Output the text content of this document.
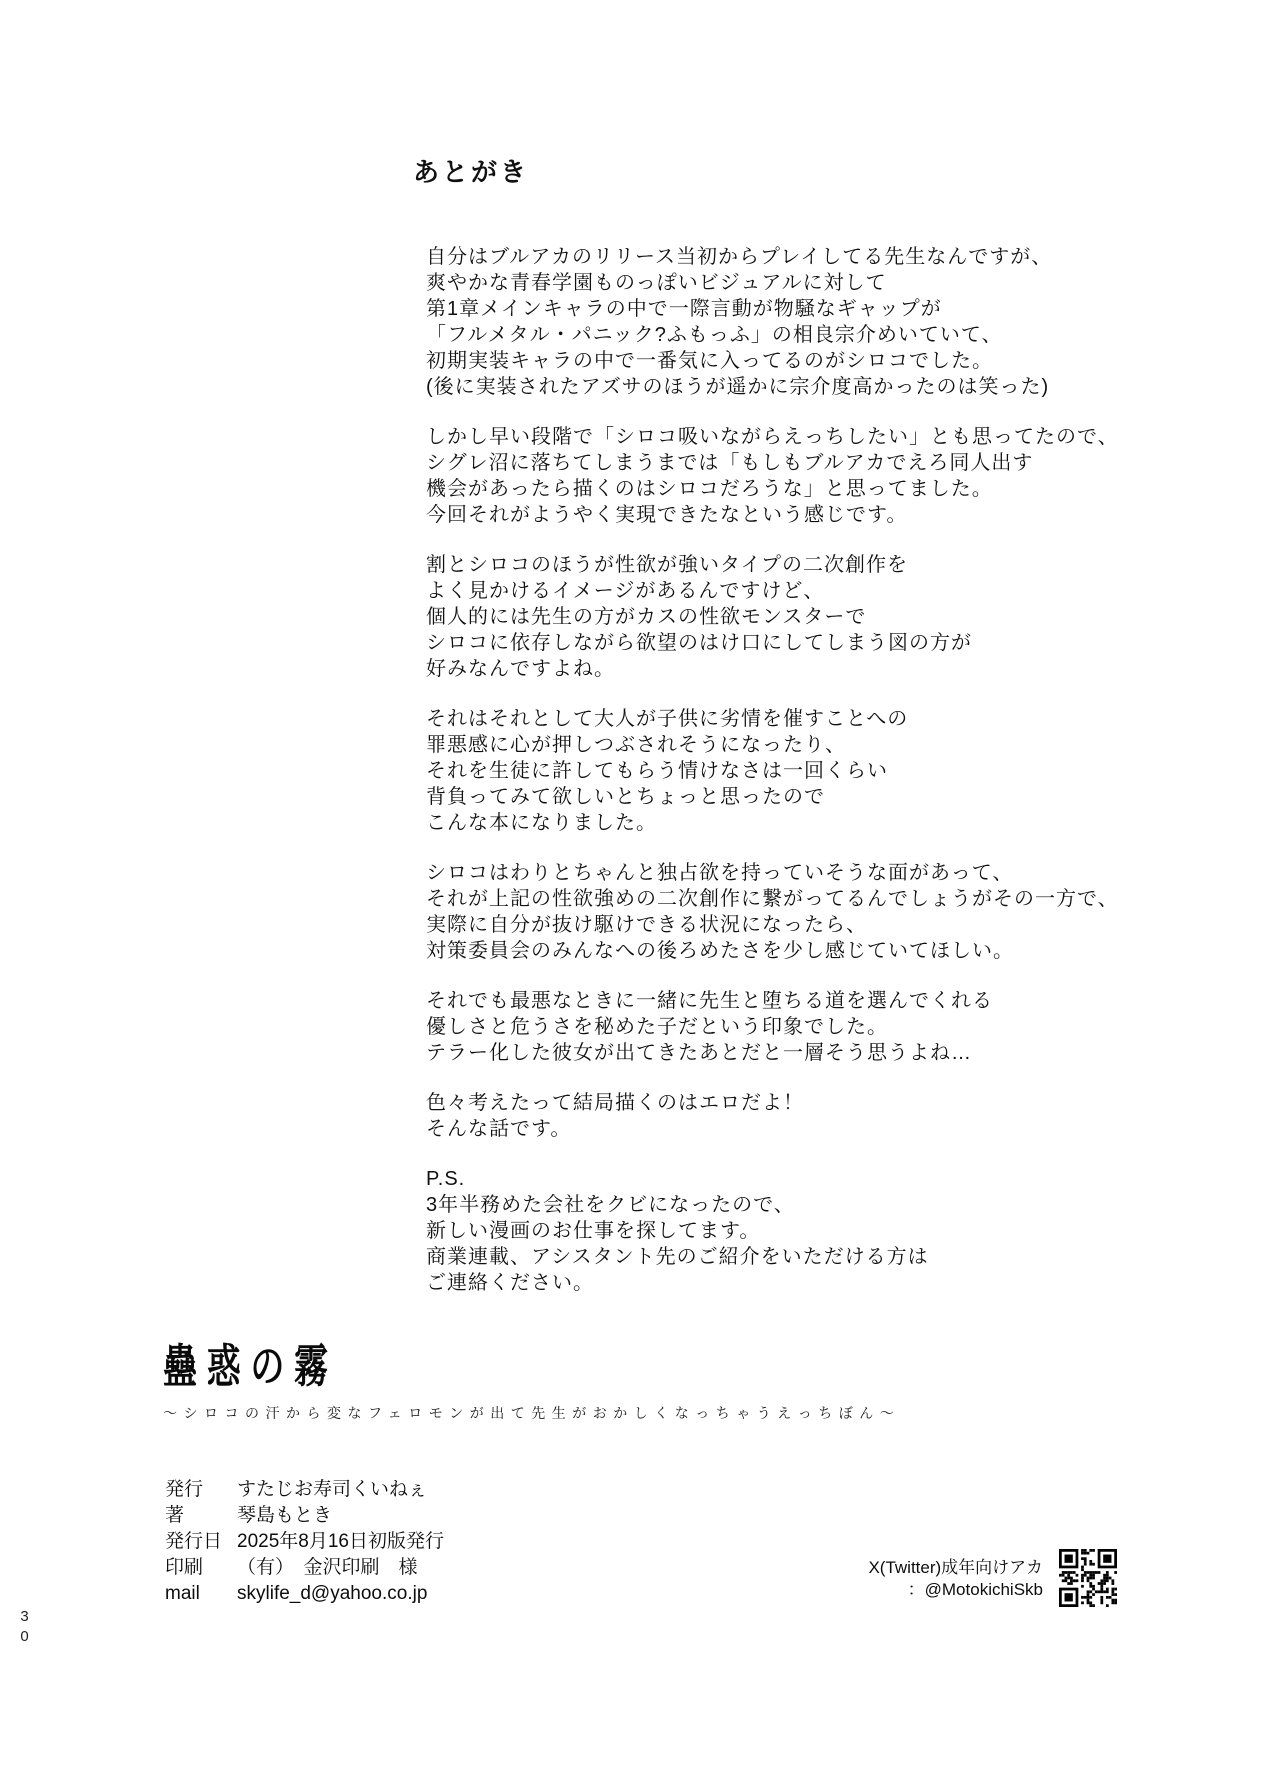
あとがき

自分はブルアカのリリース当初からプレイしてる先生なんですが、
爽やかな青春学園ものっぽいビジュアルに対して
第1章メインキャラの中で一際言動が物騒なギャップが
「フルメタル・パニック?ふもっふ」の相良宗介めいていて、
初期実装キャラの中で一番気に入ってるのがシロコでした。
(後に実装されたアズサのほうが遥かに宗介度高かったのは笑った)

しかし早い段階で「シロコ吸いながらえっちしたい」とも思ってたので、
シグレ沼に落ちてしまうまでは「もしもブルアカでえろ同人出す
機会があったら描くのはシロコだろうな」と思ってました。
今回それがようやく実現できたなという感じです。

割とシロコのほうが性欲が強いタイプの二次創作を
よく見かけるイメージがあるんですけど、
個人的には先生の方がカスの性欲モンスターで
シロコに依存しながら欲望のはけ口にしてしまう図の方が
好みなんですよね。

それはそれとして大人が子供に劣情を催すことへの
罪悪感に心が押しつぶされそうになったり、
それを生徒に許してもらう情けなさは一回くらい
背負ってみて欲しいとちょっと思ったので
こんな本になりました。

シロコはわりとちゃんと独占欲を持っていそうな面があって、
それが上記の性欲強めの二次創作に繋がってるんでしょうがその一方で、
実際に自分が抜け駆けできる状況になったら、
対策委員会のみんなへの後ろめたさを少し感じていてほしい。

それでも最悪なときに一緒に先生と堕ちる道を選んでくれる
優しさと危うさを秘めた子だという印象でした。
テラー化した彼女が出てきたあとだと一層そう思うよね…

色々考えたって結局描くのはエロだよ！
そんな話です。

P.S.
3年半務めた会社をクビになったので、
新しい漫画のお仕事を探してます。
商業連載、アシスタント先のご紹介をいただける方は
ご連絡ください。

蠱惑の霧
〜シロコの汗から変なフェロモンが出て先生がおかしくなっちゃうえっちぼん〜
発行	すたじお寿司くいねぇ
著	琴島もとき
発行日 2025年8月16日初版発行
印刷	（有）　金沢印刷　様
mail	skylife_d@yahoo.co.jp
X(Twitter)成年向けアカ
：@MotokichiSkb
30
